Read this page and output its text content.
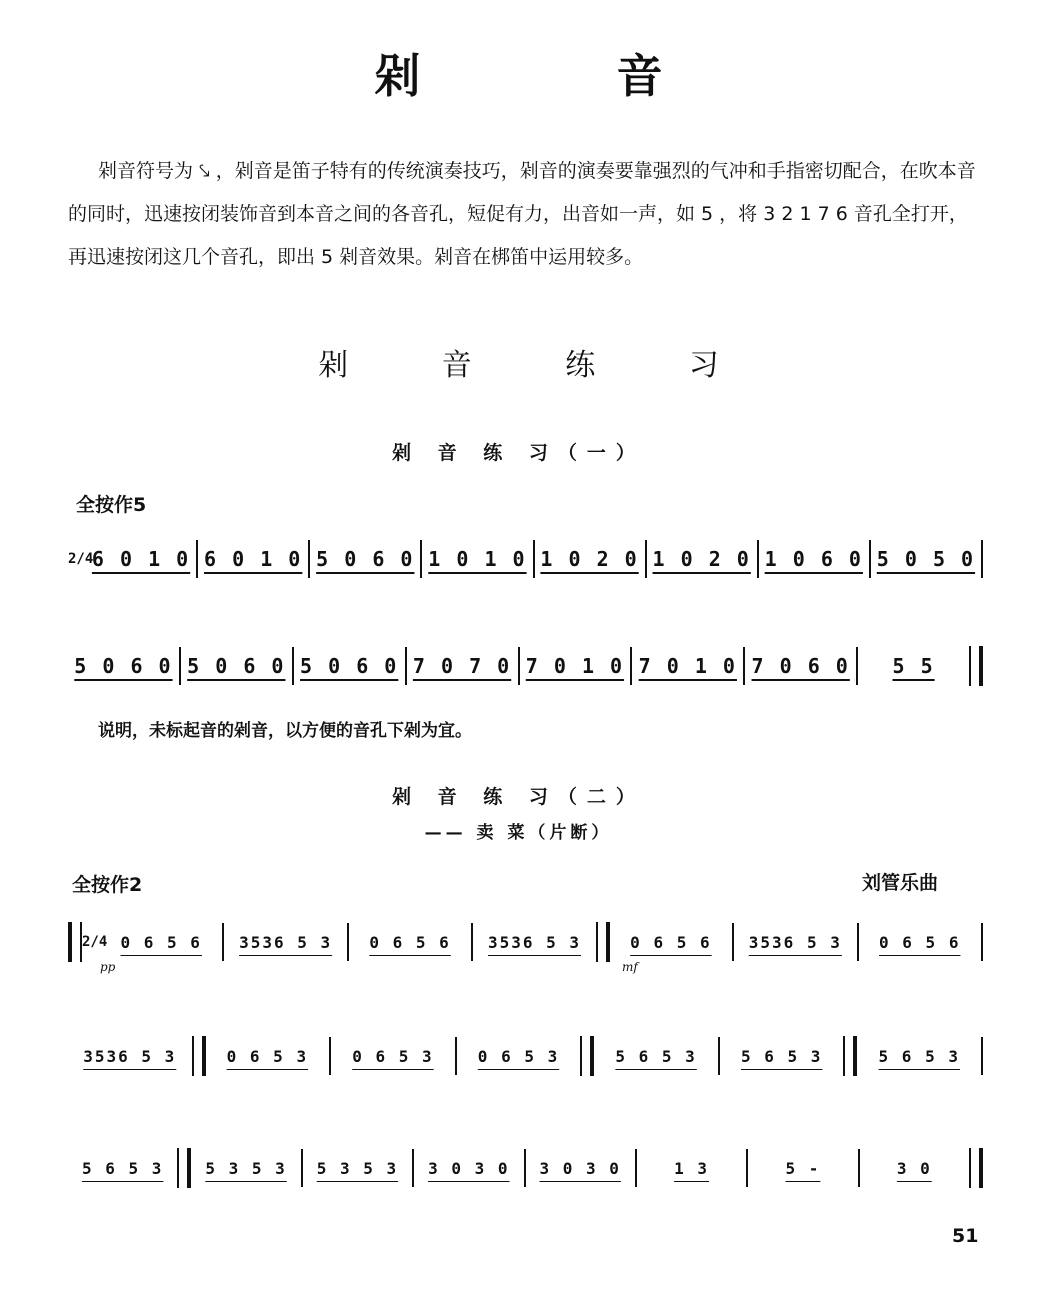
剁 音

剁音符号为 ⤥ ，剁音是笛子特有的传统演奏技巧，剁音的演奏要靠强烈的气冲和手指密切配合，在吹本音的同时，迅速按闭装饰音到本音之间的各音孔，短促有力，出音如一声，如 5 ，将 3 2 1 7 6 音孔全打开，再迅速按闭这几个音孔，即出 5 剁音效果。剁音在梆笛中运用较多。

剁 音 练 习
剁 音 练 习（一）
全按作5
2/4
6 0 1 0 6 0 1 0 5 0 6 0 1 0 1 0 1 0 2 0 1 0 2 0 1 0 6 0 5 0 5 0
5 0 6 0 5 0 6 0 5 0 6 0 7 0 7 0 7 0 1 0 7 0 1 0 7 0 6 0	5 5
说明，未标起音的剁音，以方便的音孔下剁为宜。
剁 音 练 习（二）
—— 卖 菜（片断）
全按作2	刘管乐曲
2/4 0 6 5 6	3536 5 3	0 6 5 6	3536 5 3	0 6 5 6	3536 5 3	0 6 5 6
pp	mf
3536 5 3	0 6 5 3	0 6 5 3	0 6 5 3	5 6 5 3	5 6 5 3	5 6 5 3
5 6 5 3	5 3 5 3	5 3 5 3	3 0 3 0	3 0 3 0	1 3	5 -	3 0
51
